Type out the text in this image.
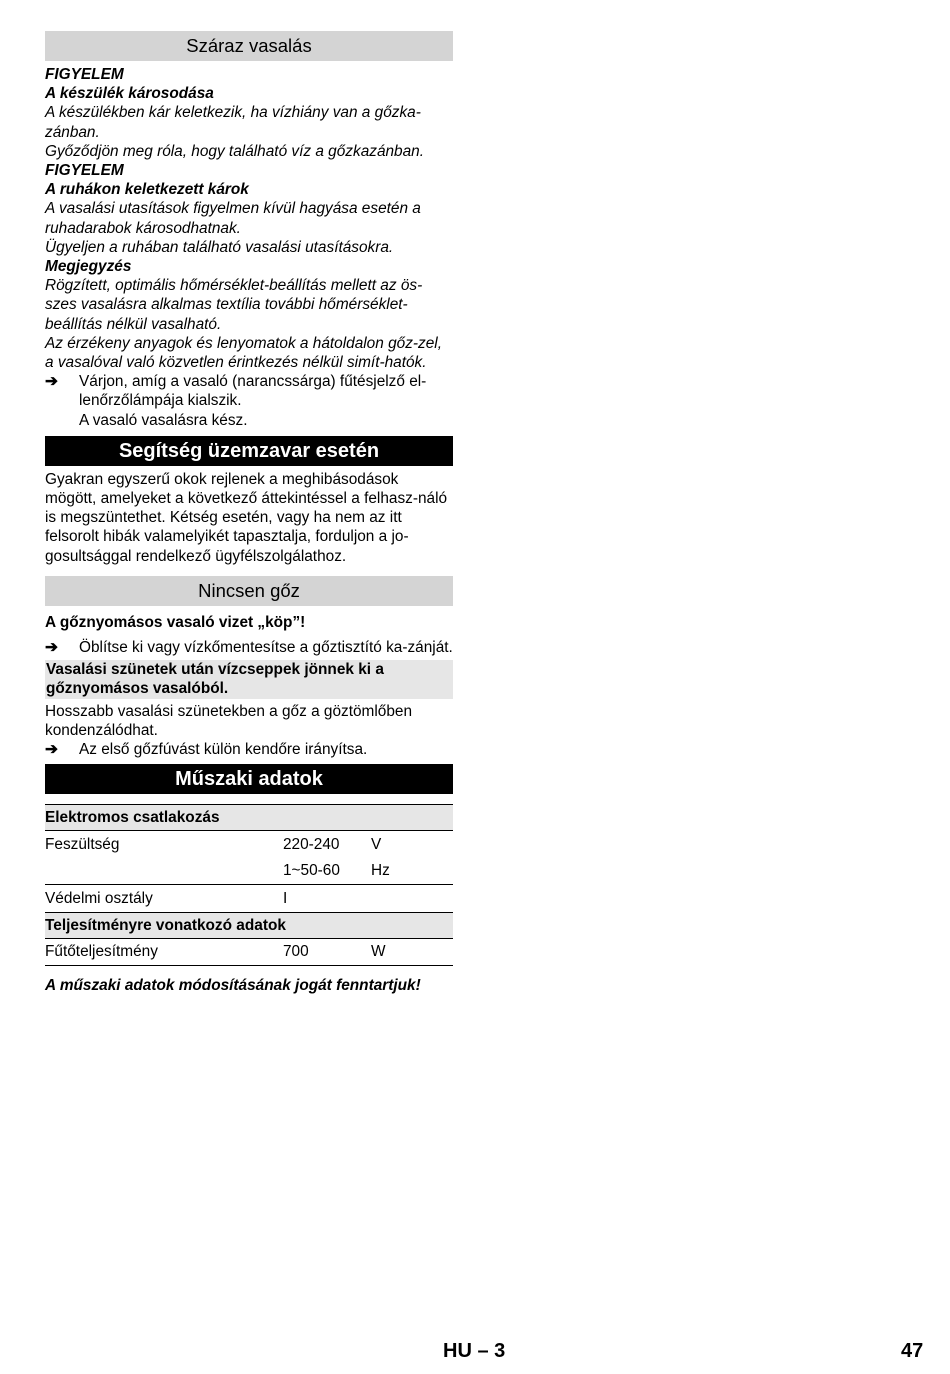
Száraz vasalás

FIGYELEM

A készülék károsodása

A készülékben kár keletkezik, ha vízhiány van a gőzka-zánban.

Győződjön meg róla, hogy található víz a gőzkazánban.

FIGYELEM

A ruhákon keletkezett károk

A vasalási utasítások figyelmen kívül hagyása esetén a ruhadarabok károsodhatnak.

Ügyeljen a ruhában található vasalási utasításokra.

Megjegyzés

Rögzített, optimális hőmérséklet-beállítás mellett az ös-szes vasalásra alkalmas textília további hőmérséklet-beállítás nélkül vasalható.

Az érzékeny anyagok és lenyomatok a hátoldalon gőz-zel, a vasalóval való közvetlen érintkezés nélkül simít-hatók.

➔	Várjon, amíg a vasaló (narancssárga) fűtésjelző el-lenőrzőlámpája kialszik.

A vasaló vasalásra kész.

Segítség üzemzavar esetén

Gyakran egyszerű okok rejlenek a meghibásodások mögött, amelyeket a következő áttekintéssel a felhasz-náló is megszüntethet. Kétség esetén, vagy ha nem az itt felsorolt hibák valamelyikét tapasztalja, forduljon a jo-gosultsággal rendelkező ügyfélszolgálathoz.

Nincsen gőz

A gőznyomásos vasaló vizet „köp”!

➔	Öblítse ki vagy vízkőmentesítse a gőztisztító ka-zánját.

Vasalási szünetek után vízcseppek jönnek ki a gőznyomásos vasalóból.

Hosszabb vasalási szünetekben a gőz a göztömlőben kondenzálódhat.

➔	Az első gőzfúvást külön kendőre irányítsa.
Műszaki adatok
Elektromos csatlakozás		
Feszültség	220-240	V
	1~50-60	Hz
Védelmi osztály	I	
Teljesítményre vonatkozó adatok		
Fűtőteljesítmény	700	W

A műszaki adatok módosításának jogát fenntartjuk!

HU – 3	47
